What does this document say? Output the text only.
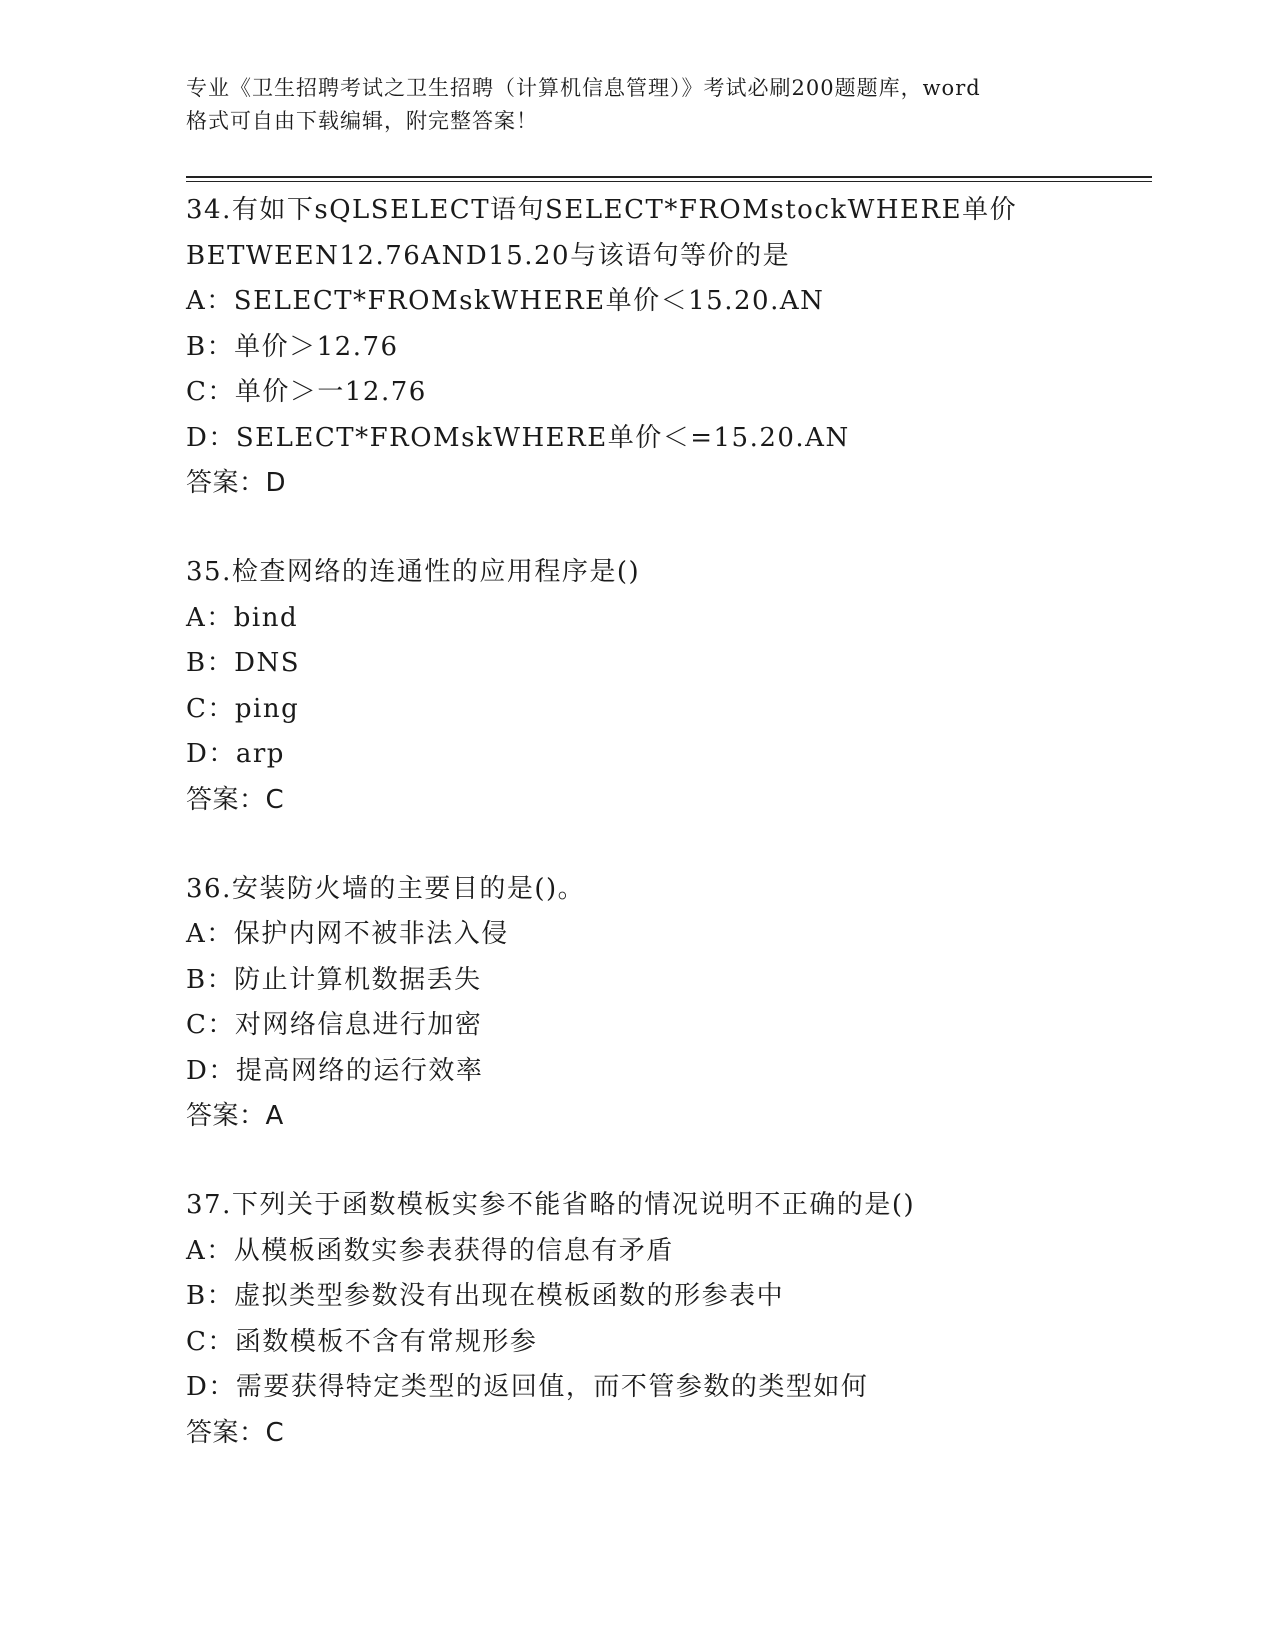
专业《卫生招聘考试之卫生招聘（计算机信息管理）》考试必刷200题题库，word
格式可自由下载编辑，附完整答案！
34.有如下sQLSELECT语句SELECT*FROMstockWHERE单价
BETWEEN12.76AND15.20与该语句等价的是
A：SELECT*FROMskWHERE单价＜15.20.AN
B：单价＞12.76
C：单价＞一12.76
D：SELECT*FROMskWHERE单价＜=15.20.AN
答案：D
35.检查网络的连通性的应用程序是()
A：bind
B：DNS
C：ping
D：arp
答案：C
36.安装防火墙的主要目的是()。
A：保护内网不被非法入侵
B：防止计算机数据丢失
C：对网络信息进行加密
D：提高网络的运行效率
答案：A
37.下列关于函数模板实参不能省略的情况说明不正确的是()
A：从模板函数实参表获得的信息有矛盾
B：虚拟类型参数没有出现在模板函数的形参表中
C：函数模板不含有常规形参
D：需要获得特定类型的返回值，而不管参数的类型如何
答案：C
